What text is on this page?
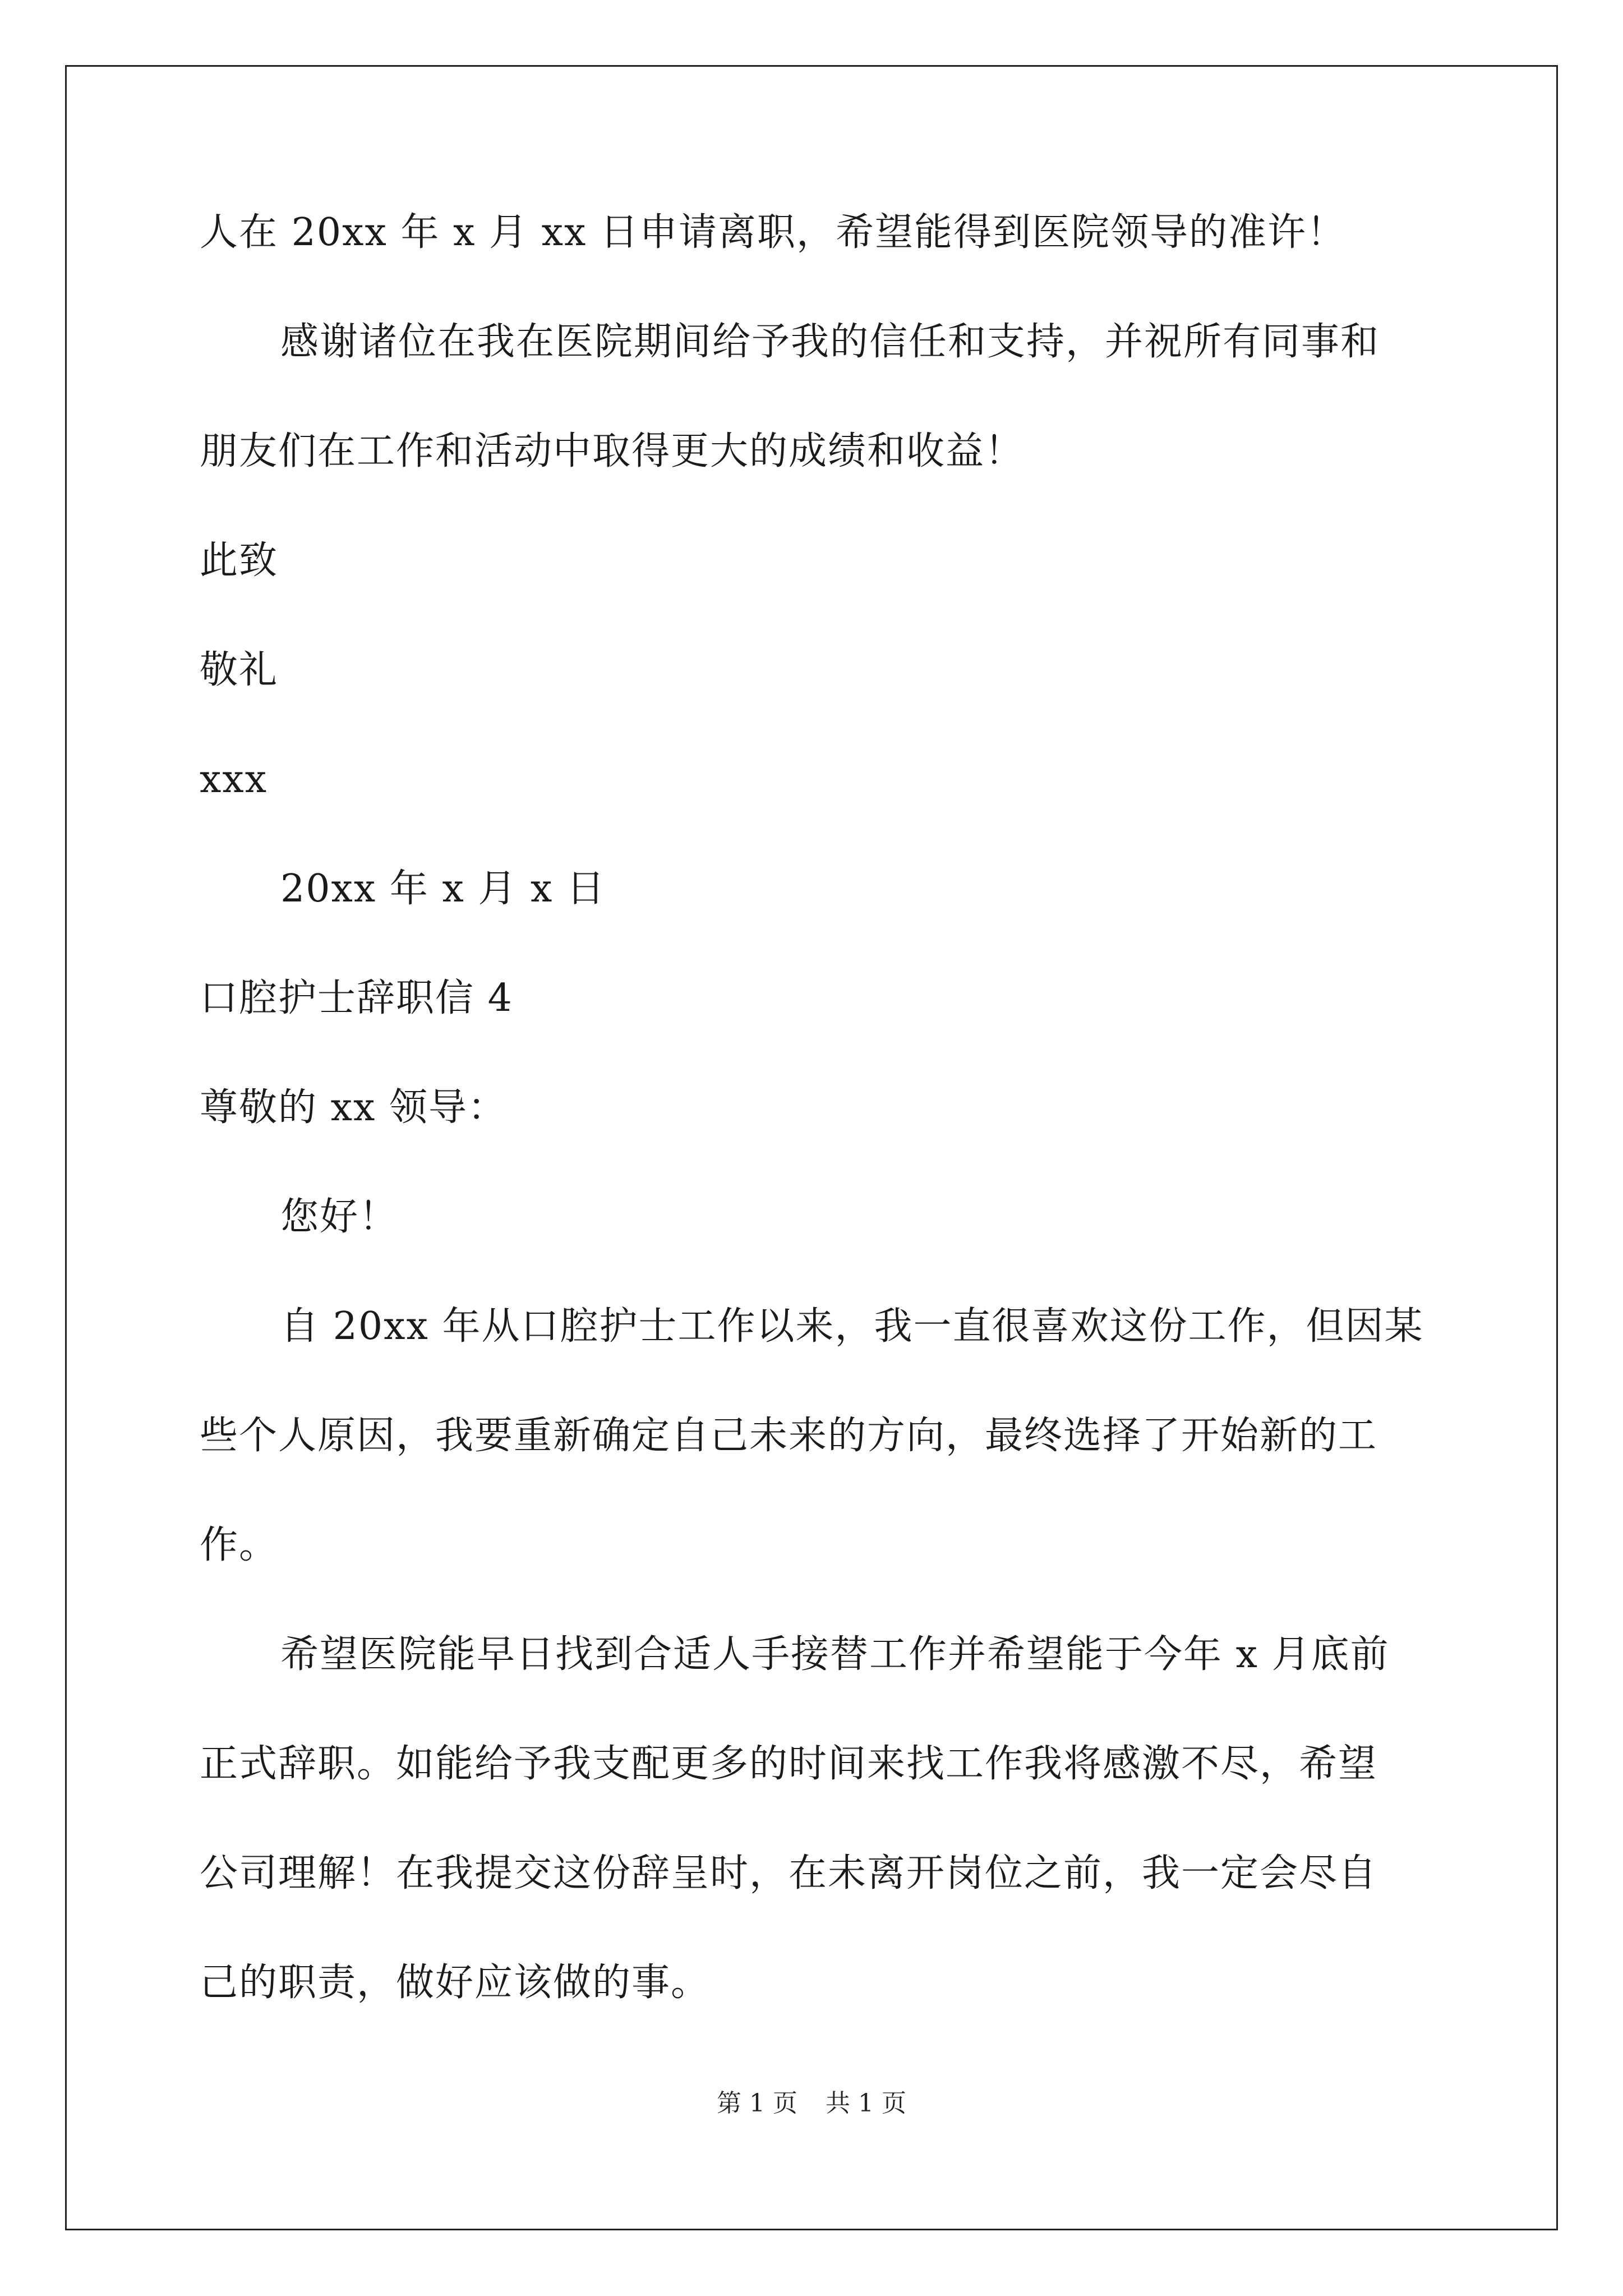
人在 20xx 年 x 月 xx 日申请离职，希望能得到医院领导的准许！
感谢诸位在我在医院期间给予我的信任和支持，并祝所有同事和
朋友们在工作和活动中取得更大的成绩和收益！
此致
敬礼
xxx
20xx 年 x 月 x 日
口腔护士辞职信 4
尊敬的 xx 领导：
您好！
自 20xx 年从口腔护士工作以来，我一直很喜欢这份工作，但因某
些个人原因，我要重新确定自己未来的方向，最终选择了开始新的工
作。
希望医院能早日找到合适人手接替工作并希望能于今年 x 月底前
正式辞职。如能给予我支配更多的时间来找工作我将感激不尽，希望
公司理解！在我提交这份辞呈时，在未离开岗位之前，我一定会尽自
己的职责，做好应该做的事。
第 1 页 共 1 页
